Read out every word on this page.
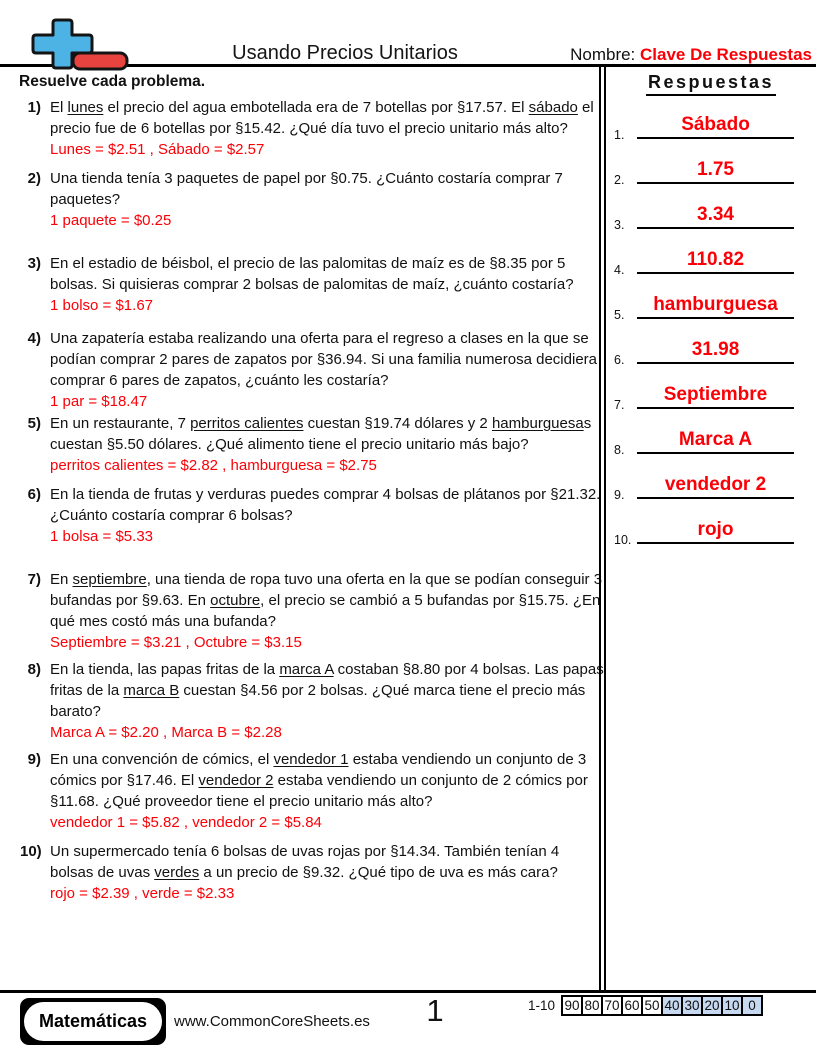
Usando Precios Unitarios	Nombre: Clave De Respuestas
Resuelve cada problema.
1) El lunes el precio del agua embotellada era de 7 botellas por §17.57. El sábado el precio fue de 6 botellas por §15.42. ¿Qué día tuvo el precio unitario más alto?
Lunes = $2.51 , Sábado = $2.57
2) Una tienda tenía 3 paquetes de papel por §0.75. ¿Cuánto costaría comprar 7 paquetes?
1 paquete = $0.25
3) En el estadio de béisbol, el precio de las palomitas de maíz es de §8.35 por 5 bolsas. Si quisieras comprar 2 bolsas de palomitas de maíz, ¿cuánto costaría?
1 bolso = $1.67
4) Una zapatería estaba realizando una oferta para el regreso a clases en la que se podían comprar 2 pares de zapatos por §36.94. Si una familia numerosa decidiera comprar 6 pares de zapatos, ¿cuánto les costaría?
1 par = $18.47
5) En un restaurante, 7 perritos calientes cuestan §19.74 dólares y 2 hamburguesas cuestan §5.50 dólares. ¿Qué alimento tiene el precio unitario más bajo?
perritos calientes = $2.82 , hamburguesa = $2.75
6) En la tienda de frutas y verduras puedes comprar 4 bolsas de plátanos por §21.32. ¿Cuánto costaría comprar 6 bolsas?
1 bolsa = $5.33
7) En septiembre, una tienda de ropa tuvo una oferta en la que se podían conseguir 3 bufandas por §9.63. En octubre, el precio se cambió a 5 bufandas por §15.75. ¿En qué mes costó más una bufanda?
Septiembre = $3.21 , Octubre = $3.15
8) En la tienda, las papas fritas de la marca A costaban §8.80 por 4 bolsas. Las papas fritas de la marca B cuestan §4.56 por 2 bolsas. ¿Qué marca tiene el precio más barato?
Marca A = $2.20 , Marca B = $2.28
9) En una convención de cómics, el vendedor 1 estaba vendiendo un conjunto de 3 cómics por §17.46. El vendedor 2 estaba vendiendo un conjunto de 2 cómics por §11.68. ¿Qué proveedor tiene el precio unitario más alto?
vendedor 1 = $5.82 , vendedor 2 = $5.84
10) Un supermercado tenía 6 bolsas de uvas rojas por §14.34. También tenían 4 bolsas de uvas verdes a un precio de §9.32. ¿Qué tipo de uva es más cara?
rojo = $2.39 , verde = $2.33
Respuestas
1.	Sábado
2.	1.75
3.	3.34
4.	110.82
5.	hamburguesa
6.	31.98
7.	Septiembre
8.	Marca A
9.	vendedor 2
10.	rojo
Matemáticas	www.CommonCoreSheets.es	1	1-10 90	80	70	60	50	40	30	20	10	0
